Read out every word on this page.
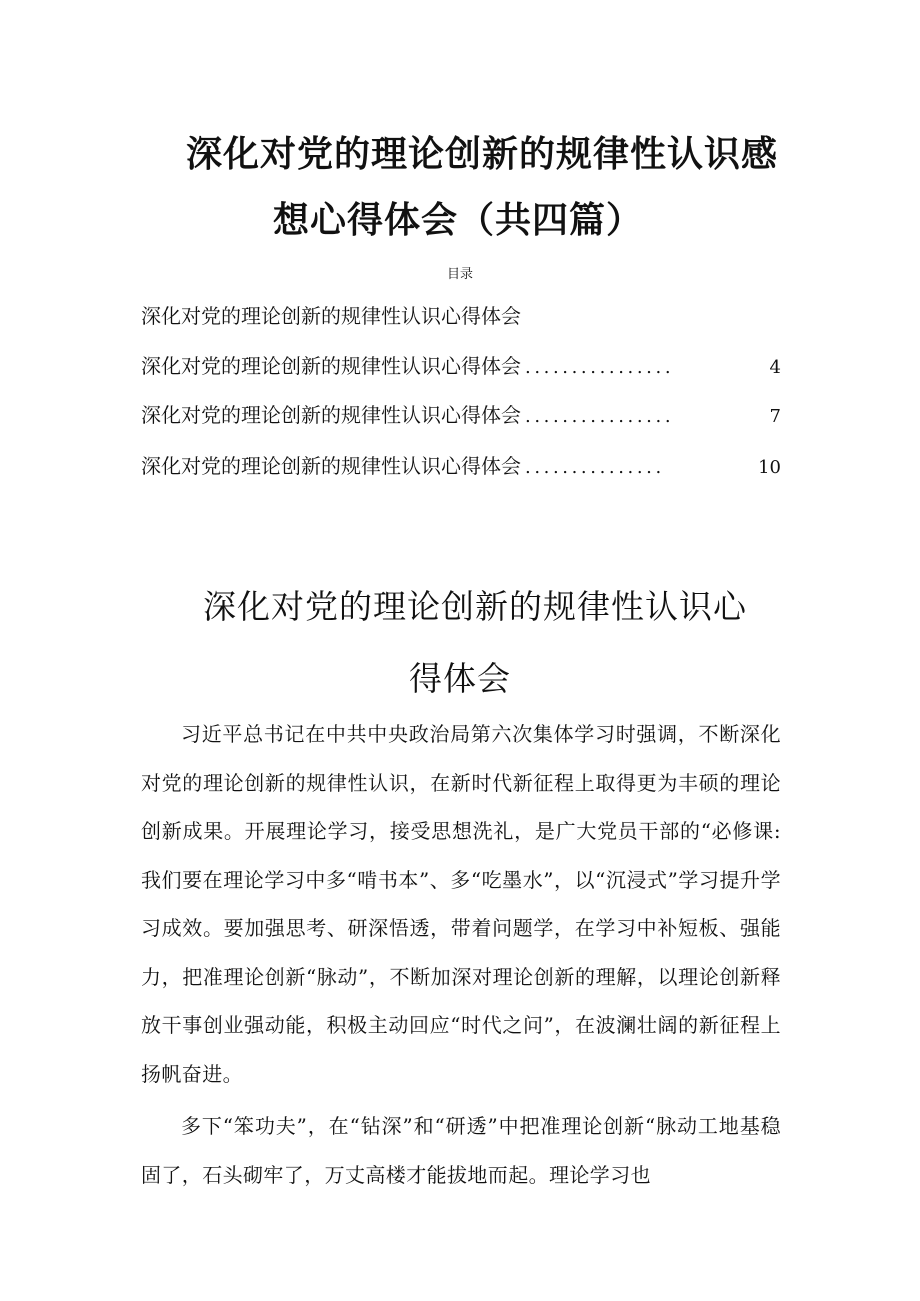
深化对党的理论创新的规律性认识感
想心得体会（共四篇）
目录
深化对党的理论创新的规律性认识心得体会
深化对党的理论创新的规律性认识心得体会 ................	4
深化对党的理论创新的规律性认识心得体会 ................	7
深化对党的理论创新的规律性认识心得体会 ...............	10
深化对党的理论创新的规律性认识心
得体会

习近平总书记在中共中央政治局第六次集体学习时强调，不断深化对党的理论创新的规律性认识，在新时代新征程上取得更为丰硕的理论创新成果。开展理论学习，接受思想洗礼，是广大党员干部的“必修课:我们要在理论学习中多“啃书本”、多“吃墨水”，以“沉浸式”学习提升学习成效。要加强思考、研深悟透，带着问题学，在学习中补短板、强能力，把准理论创新“脉动”，不断加深对理论创新的理解，以理论创新释放干事创业强动能，积极主动回应“时代之问”，在波澜壮阔的新征程上扬帆奋进。

多下“笨功夫”，在“钻深”和“研透”中把准理论创新“脉动工地基稳固了，石头砌牢了，万丈高楼才能拔地而起。理论学习也
